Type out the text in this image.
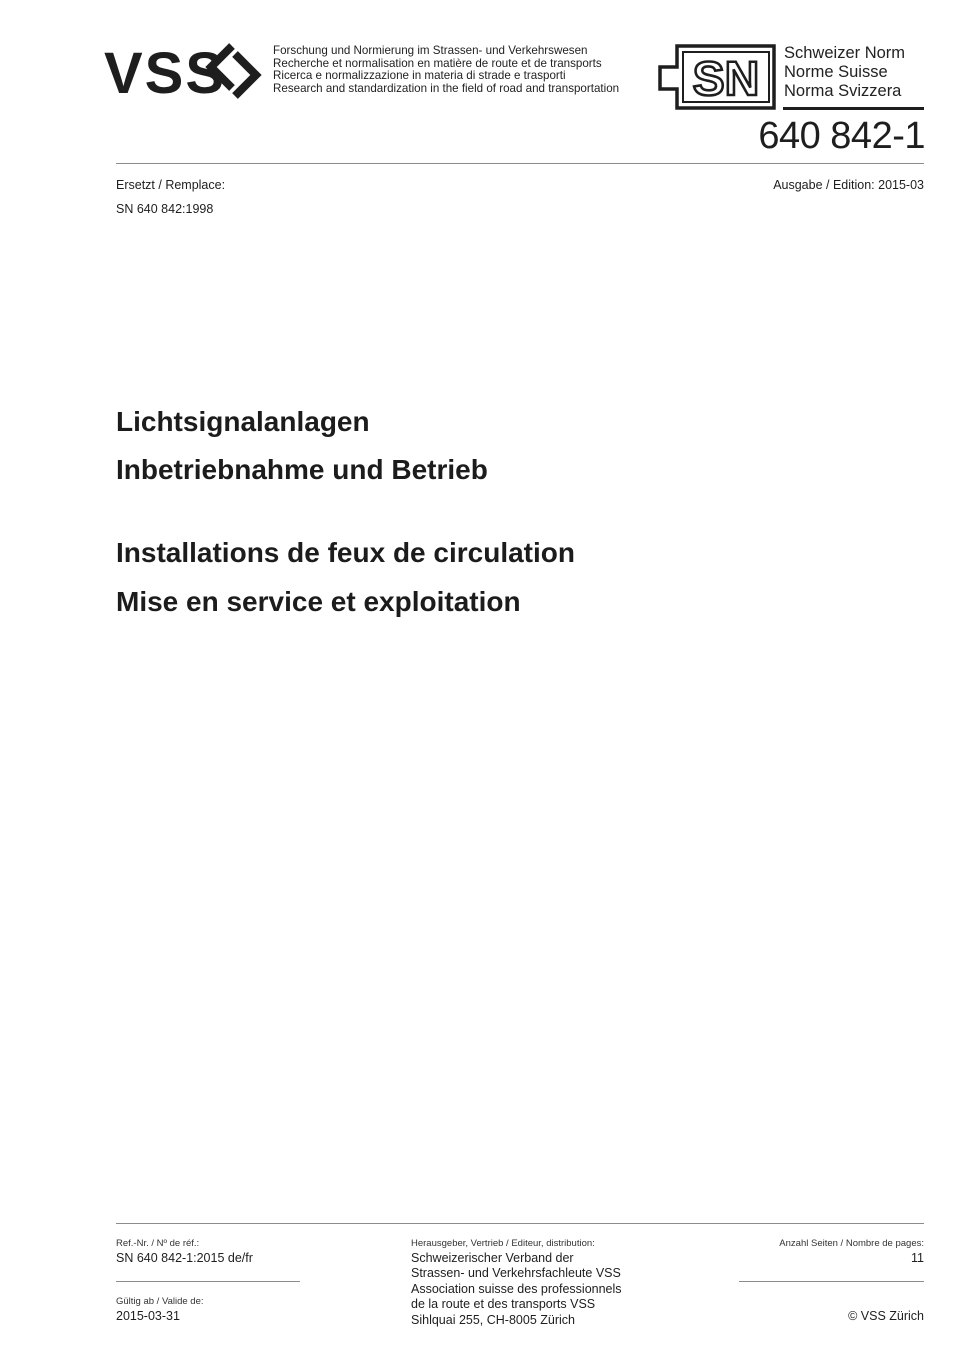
VSS	Forschung und Normierung im Strassen- und Verkehrswesen
Recherche et normalisation en matière de route et de transports
Ricerca e normalizzazione in materia di strade e trasporti
Research and standardization in the field of road and transportation SN Schweizer Norm
Norme Suisse
Norma Svizzera
640 842-1
Ersetzt / Remplace:
SN 640 842:1998
Ausgabe / Edition: 2015-03
Lichtsignalanlagen
Inbetriebnahme und Betrieb
Installations de feux de circulation
Mise en service et exploitation
Ref.-Nr. / Nº de réf.:
SN 640 842-1:2015 de/fr
Gültig ab / Valide de:
2015-03-31
Herausgeber, Vertrieb / Editeur, distribution:
Schweizerischer Verband der
Strassen- und Verkehrsfachleute VSS
Association suisse des professionnels
de la route et des transports VSS
Sihlquai 255, CH-8005 Zürich
Anzahl Seiten / Nombre de pages:
11
© VSS Zürich
